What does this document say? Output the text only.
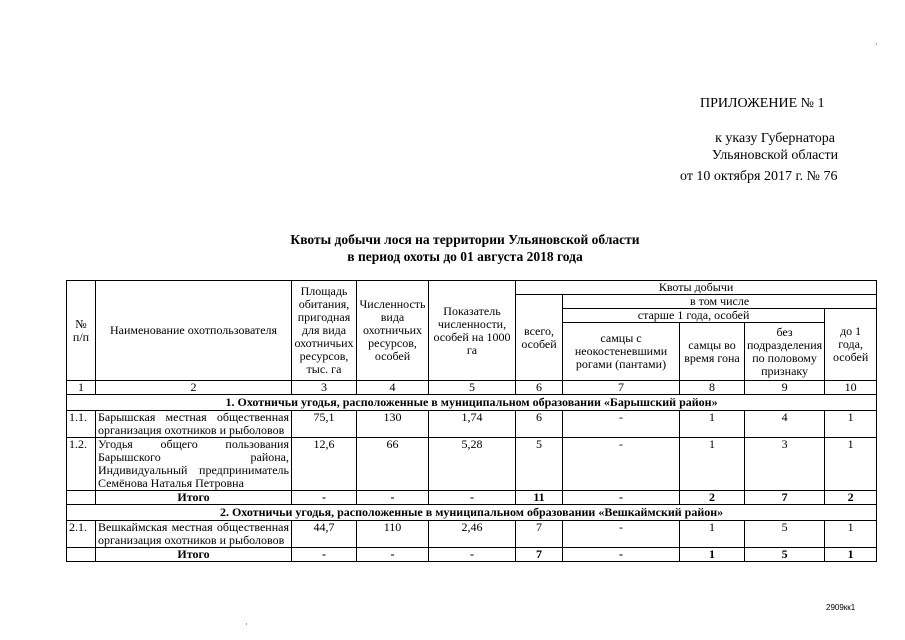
ПРИЛОЖЕНИЕ № 1
к указу Губернатора
Ульяновской области
от 10 октября 2017 г. № 76
Квоты добычи лося на территории Ульяновской области
в период охоты до 01 августа 2018 года
№ п/п	Наименование охотпользователя	Площадь обитания, пригодная для вида охотничьих ресурсов, тыс. га	Численность вида охотничьих ресурсов, особей	Показатель численности, особей на 1000 га	Квоты добычи				
					всего, особей	в том числе			
						старше 1 года, особей			до 1 года, особей
						самцы с неокостеневшими рогами (пантами)	самцы во время гона	без подразделения по половому признаку	
1	2	3	4	5	6	7	8	9	10
1. Охотничьи угодья, расположенные в муниципальном образовании «Барышский район»									
1.1.	Барышская местная общественная организация охотников и рыболовов	75,1	130	1,74	6	-	1	4	1
1.2.	Угодья общего пользования Барышского района, Индивидуальный предприниматель Семёнова Наталья Петровна	12,6	66	5,28	5	-	1	3	1
	Итого	-	-	-	11	-	2	7	2
2. Охотничьи угодья, расположенные в муниципальном образовании «Вешкаймский район»									
2.1.	Вешкаймская местная общественная организация охотников и рыболовов	44,7	110	2,46	7	-	1	5	1
	Итого	-	-	-	7	-	1	5	1
2909кк1
·
·
